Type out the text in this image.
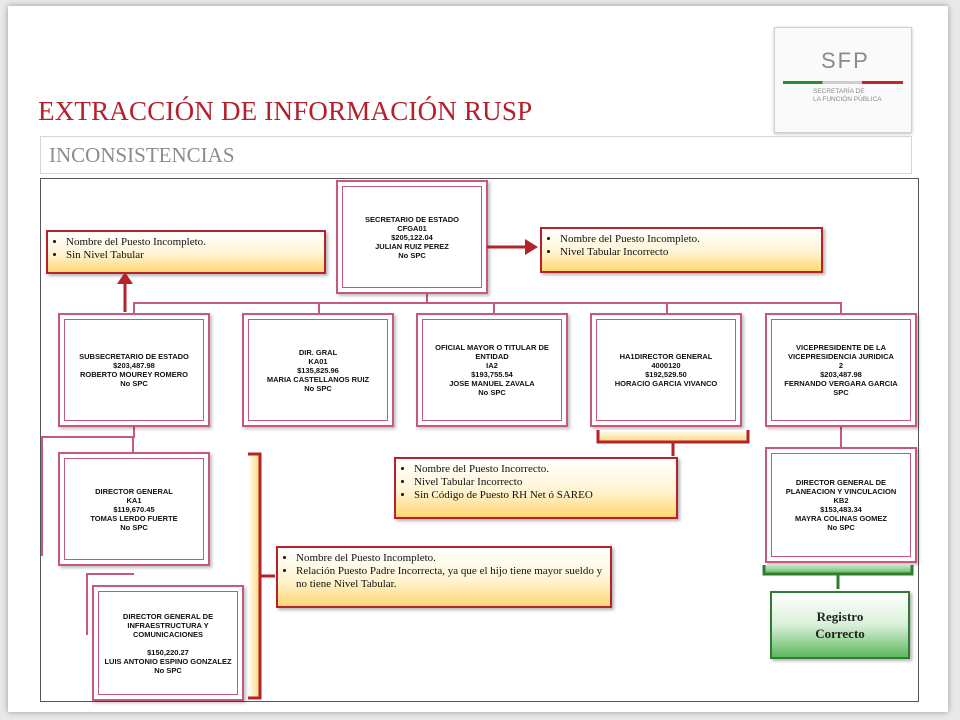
EXTRACCIÓN DE INFORMACIÓN RUSP
SFP
SECRETARÍA DE
LA FUNCIÓN PÚBLICA
INCONSISTENCIAS
SECRETARIO DE ESTADO
CFGA01
$205,122.04
JULIAN RUIZ PEREZ
No SPC
SUBSECRETARIO DE ESTADO
$203,487.98
ROBERTO MOUREY ROMERO
No SPC
DIR. GRAL
KA01
$135,825.96
MARIA CASTELLANOS RUIZ
No SPC
OFICIAL MAYOR O TITULAR DE
ENTIDAD
IA2
$193,755.54
JOSE MANUEL ZAVALA
No SPC
HA1DIRECTOR GENERAL
4000120
$192,529.50
HORACIO GARCIA VIVANCO
VICEPRESIDENTE DE LA
VICEPRESIDENCIA JURIDICA
2
$203,487.98
FERNANDO VERGARA GARCIA
SPC
DIRECTOR GENERAL
KA1
$119,670.45
TOMAS LERDO FUERTE
No SPC
DIRECTOR GENERAL DE
INFRAESTRUCTURA Y
COMUNICACIONES
$150,220.27
LUIS ANTONIO ESPINO GONZALEZ
No SPC
DIRECTOR GENERAL DE
PLANEACION Y VINCULACION
KB2
$153,483.34
MAYRA COLINAS GOMEZ
No SPC
• Nombre del Puesto Incompleto.
• Sin Nivel Tabular
• Nombre del Puesto Incompleto.
• Nivel Tabular Incorrecto
• Nombre del Puesto Incorrecto.
• Nivel Tabular Incorrecto
• Sin Código de Puesto RH Net ó SAREO
• Nombre del Puesto Incompleto.
• Relación Puesto Padre Incorrecta, ya que el hijo tiene mayor sueldo y no tiene Nivel Tabular.
Registro
Correcto
